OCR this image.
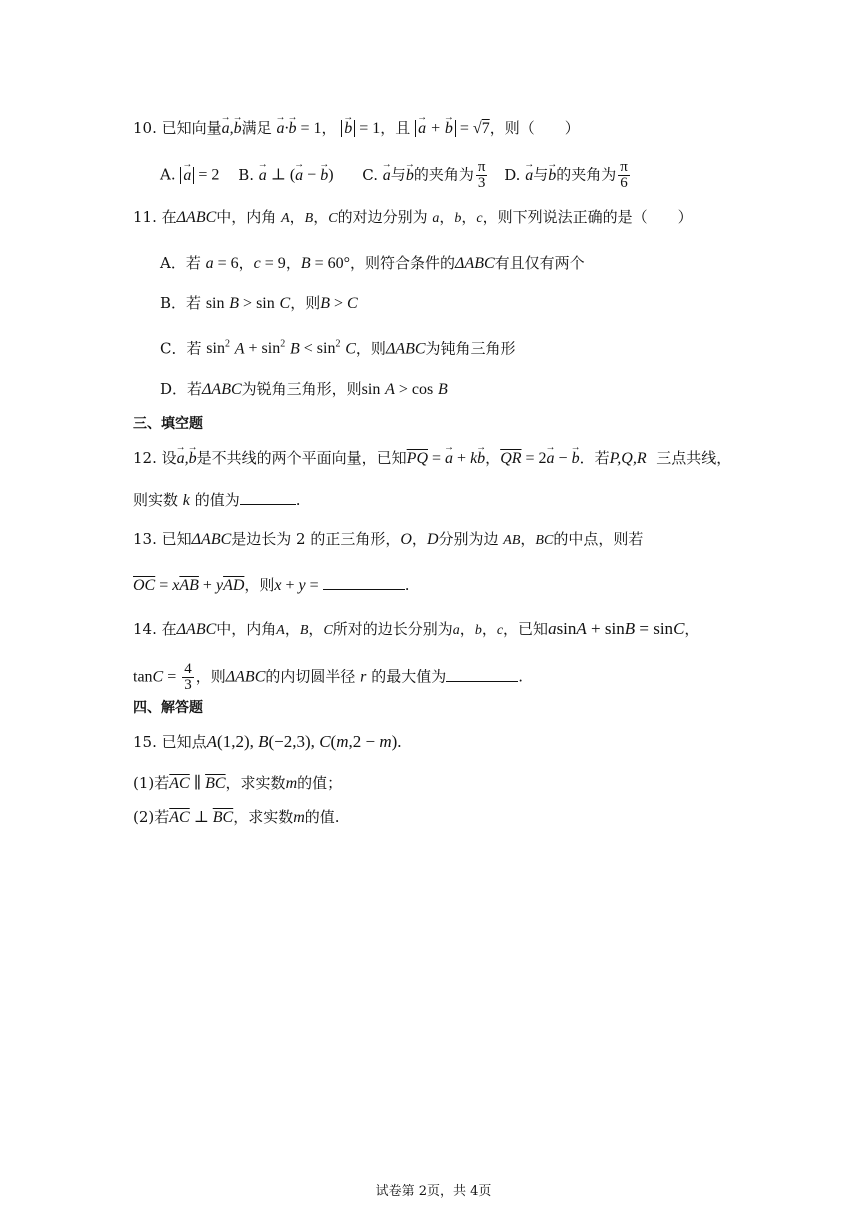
10. 已知向量→ a,→ b满足 → a·→ b = 1， → b = 1，且 → a + → b = √7，则（　　）
A. → a = 2 B. → a ⊥ (→ a − → b) C. → a与→ b的夹角为 $\frac{\pi}{3} D$. → a与→ b的夹角为 $\frac{\pi}{6}$
11. 在ΔABC中，内角 A，B，C的对边分别为 a，b，c，则下列说法正确的是（　　）
A．若 a = 6，c = 9，B = 60°，则符合条件的ΔABC有且仅有两个
B．若 sin B > sin C，则B > C
C．若 $\sin^2 A + \sin^2 B < \sin^2 C$，则ΔABC为钝角三角形
D．若ΔABC为锐角三角形，则sin A > cos B
三、填空题
12. 设→ a,→ b是不共线的两个平面向量，已知$\overline{PQ}$ = → a + k→ b，$\overline{QR} = 2\to a$ − → b．若P,Q,R 三点共线，
则实数 k 的值为	.
13. 已知ΔABC是边长为 2 的正三角形，O，D分别为边 AB，BC的中点，则若
$\overline{OC} = x\overline{AB} + y\overline{AD}$，则x + y =	.
14. 在ΔABC中，内角A，B，C所对的边长分别为a，b，c，已知asinA + sinB = sinC，
$\tan C = \frac{4}{3}$ ，则ΔABC的内切圆半径 r 的最大值为	.
四、解答题
15. 已知点A(1,2), B(−2,3), C(m,2 − m).
(1)若$\overline{AC}$ ∥ $\overline{BC}$，求实数m的值；
(2)若$\overline{AC}$ ⊥ $\overline{BC}$，求实数m的值.
试卷第 2页，共 4页
